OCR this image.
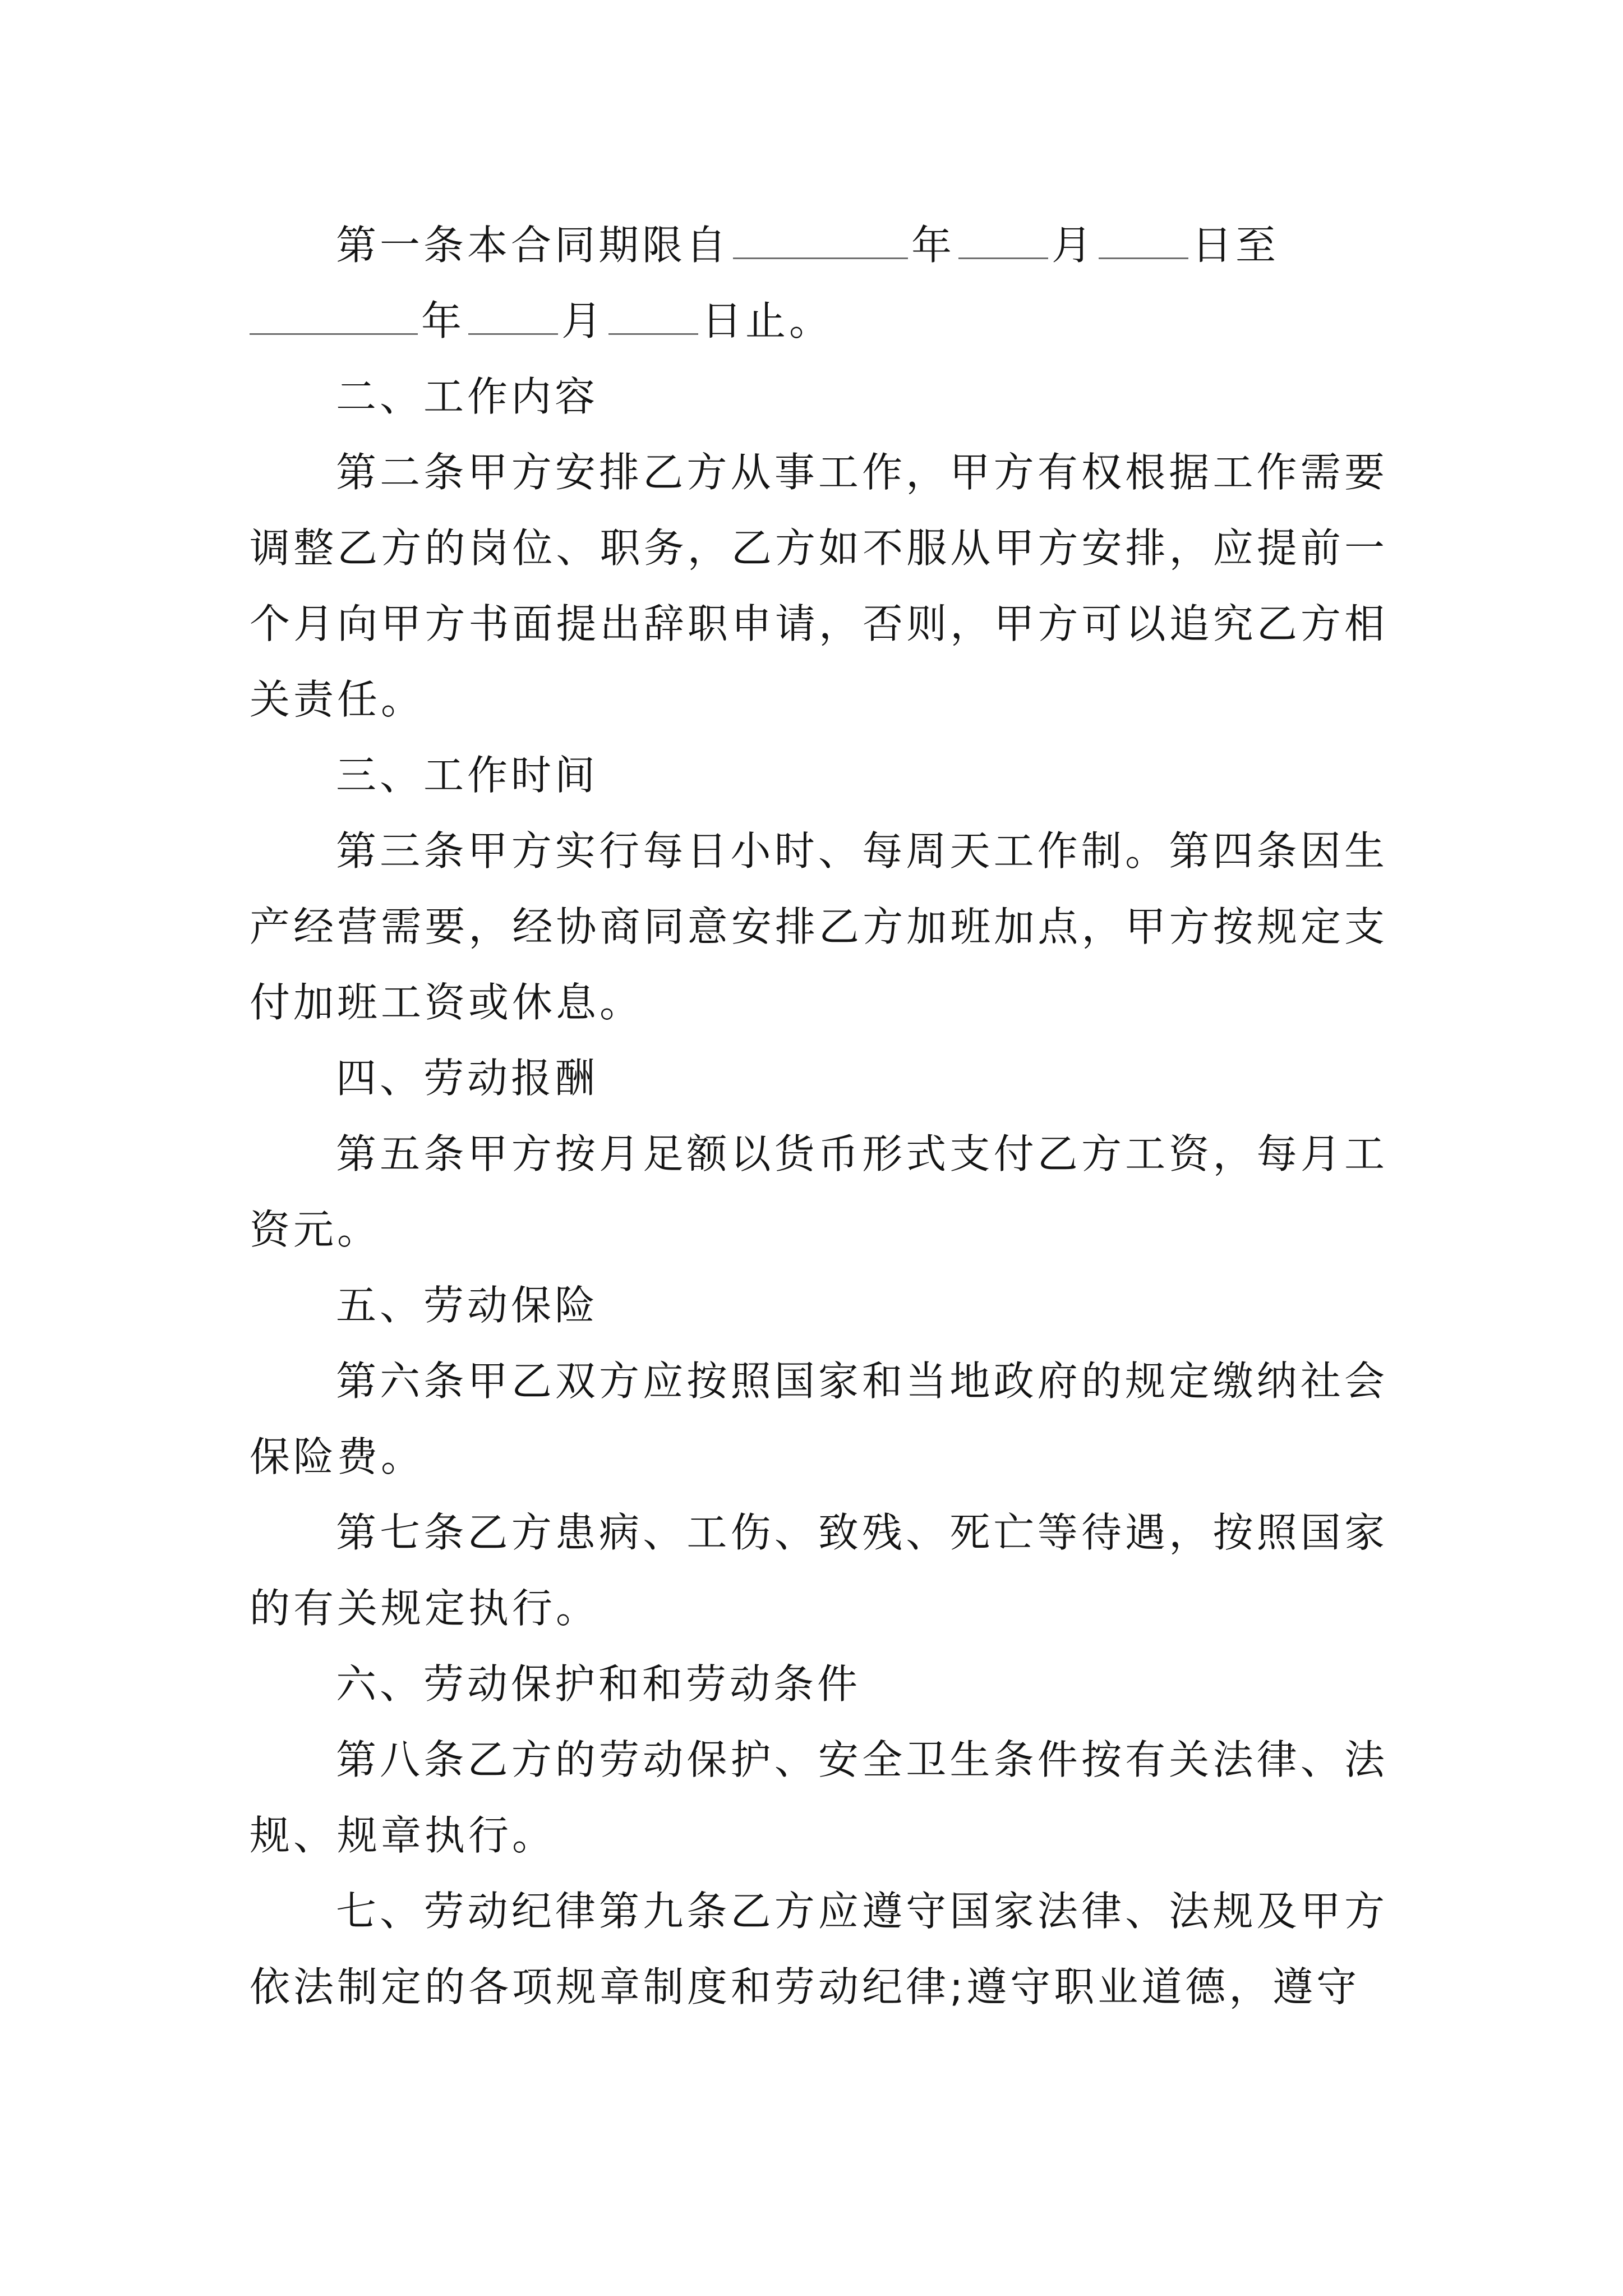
第一条本合同期限自	年 月 日至
年 月 日止。

二、工作内容

第二条甲方安排乙方从事工作，甲方有权根据工作需要调整乙方的岗位、职务，乙方如不服从甲方安排，应提前一个月向甲方书面提出辞职申请，否则，甲方可以追究乙方相关责任。

三、工作时间

第三条甲方实行每日小时、每周天工作制。第四条因生产经营需要，经协商同意安排乙方加班加点，甲方按规定支付加班工资或休息。

四、劳动报酬

第五条甲方按月足额以货币形式支付乙方工资，每月工资元。

五、劳动保险

第六条甲乙双方应按照国家和当地政府的规定缴纳社会保险费。

第七条乙方患病、工伤、致残、死亡等待遇，按照国家的有关规定执行。

六、劳动保护和和劳动条件

第八条乙方的劳动保护、安全卫生条件按有关法律、法规、规章执行。

七、劳动纪律第九条乙方应遵守国家法律、法规及甲方依法制定的各项规章制度和劳动纪律;遵守职业道德，遵守
